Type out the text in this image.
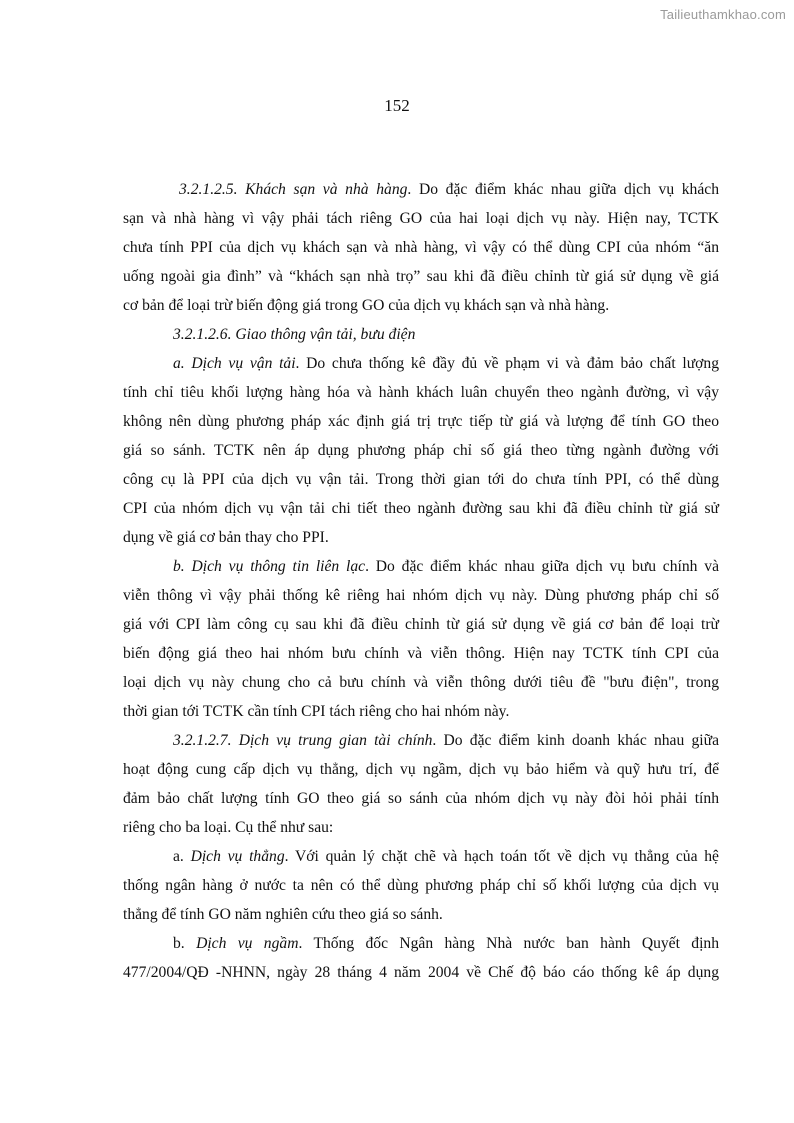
Tailieuthamkhao.com
152
3.2.1.2.5. Khách sạn và nhà hàng. Do đặc điểm khác nhau giữa dịch vụ khách
sạn và nhà hàng vì vậy phải tách riêng GO của hai loại dịch vụ này. Hiện nay, TCTK
chưa tính PPI của dịch vụ khách sạn và nhà hàng, vì vậy có thể dùng CPI của nhóm “ăn
uống ngoài gia đình” và “khách sạn nhà trọ” sau khi đã điều chỉnh từ giá sử dụng về giá
cơ bản để loại trừ biến động giá trong GO của dịch vụ khách sạn và nhà hàng.
3.2.1.2.6. Giao thông vận tải, bưu điện
a. Dịch vụ vận tải. Do chưa thống kê đầy đủ về phạm vi và đảm bảo chất lượng
tính chỉ tiêu khối lượng hàng hóa và hành khách luân chuyển theo ngành đường, vì vậy
không nên dùng phương pháp xác định giá trị trực tiếp từ giá và lượng để tính GO theo
giá so sánh. TCTK nên áp dụng phương pháp chỉ số giá theo từng ngành đường với
công cụ là PPI của dịch vụ vận tải. Trong thời gian tới do chưa tính PPI, có thể dùng
CPI của nhóm dịch vụ vận tải chi tiết theo ngành đường sau khi đã điều chỉnh từ giá sử
dụng về giá cơ bản thay cho PPI.
b. Dịch vụ thông tin liên lạc. Do đặc điểm khác nhau giữa dịch vụ bưu chính và
viễn thông vì vậy phải thống kê riêng hai nhóm dịch vụ này. Dùng phương pháp chỉ số
giá với CPI làm công cụ sau khi đã điều chỉnh từ giá sử dụng về giá cơ bản để loại trừ
biến động giá theo hai nhóm bưu chính và viễn thông. Hiện nay TCTK tính CPI của
loại dịch vụ này chung cho cả bưu chính và viễn thông dưới tiêu đề "bưu điện", trong
thời gian tới TCTK cần tính CPI tách riêng cho hai nhóm này.
3.2.1.2.7. Dịch vụ trung gian tài chính. Do đặc điểm kinh doanh khác nhau giữa
hoạt động cung cấp dịch vụ thẳng, dịch vụ ngầm, dịch vụ bảo hiểm và quỹ hưu trí, để
đảm bảo chất lượng tính GO theo giá so sánh của nhóm dịch vụ này đòi hỏi phải tính
riêng cho ba loại. Cụ thể như sau:
a. Dịch vụ thẳng. Với quản lý chặt chẽ và hạch toán tốt về dịch vụ thẳng của hệ
thống ngân hàng ở nước ta nên có thể dùng phương pháp chỉ số khối lượng của dịch vụ
thẳng để tính GO năm nghiên cứu theo giá so sánh.
b. Dịch vụ ngầm. Thống đốc Ngân hàng Nhà nước ban hành Quyết định
477/2004/QĐ -NHNN, ngày 28 tháng 4 năm 2004 về Chế độ báo cáo thống kê áp dụng
